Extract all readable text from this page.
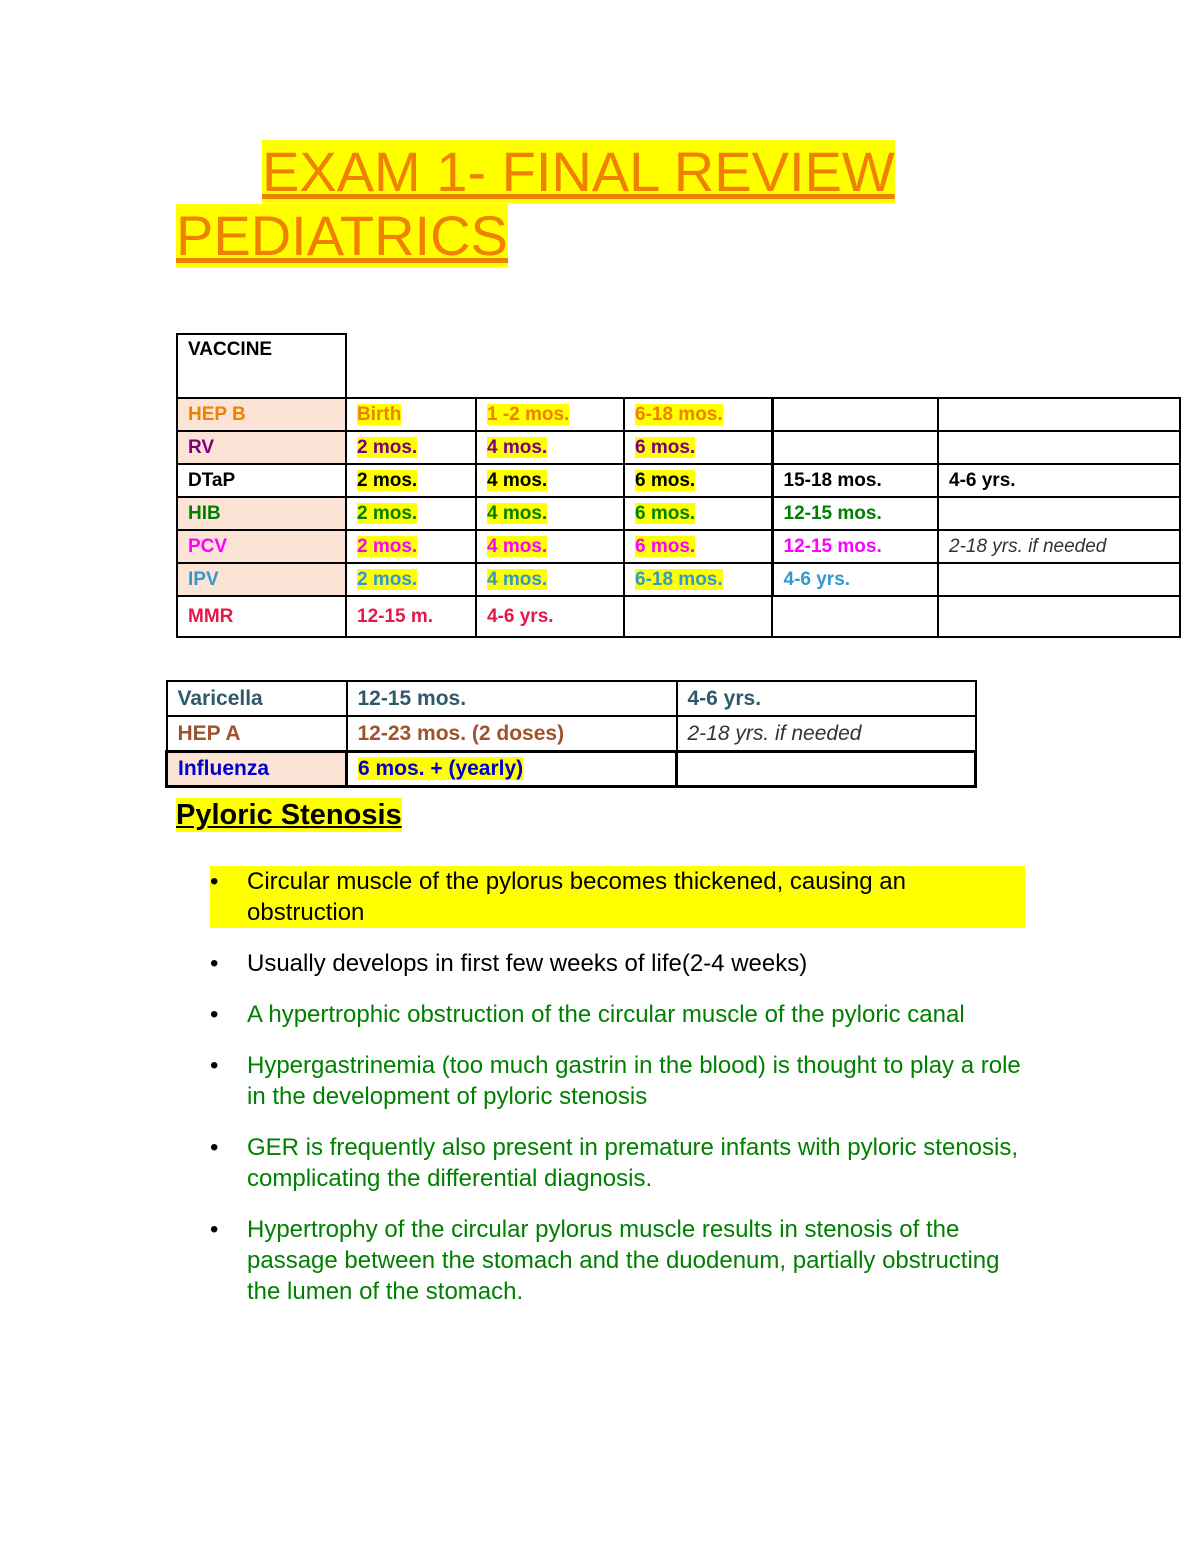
EXAM 1- FINAL REVIEW
PEDIATRICS
VACCINE					
HEP B	Birth	1 -2 mos.	6-18 mos.		
RV	2 mos.	4 mos.	6 mos.		
DTaP	2 mos.	4 mos.	6 mos.	15-18 mos.	4-6 yrs.
HIB	2 mos.	4 mos.	6 mos.	12-15 mos.	
PCV	2 mos.	4 mos.	6 mos.	12-15 mos.	2-18 yrs. if needed
IPV	2 mos.	4 mos.	6-18 mos.	4-6 yrs.	
MMR	12-15 m.	4-6 yrs.			
Varicella	12-15 mos.	4-6 yrs.
HEP A	12-23 mos. (2 doses)	2-18 yrs. if needed
Influenza	6 mos. + (yearly)	
Pyloric Stenosis
• Circular muscle of the pylorus becomes thickened, causing an obstruction
• Usually develops in first few weeks of life(2-4 weeks)
• A hypertrophic obstruction of the circular muscle of the pyloric canal
• Hypergastrinemia (too much gastrin in the blood) is thought to play a role in the development of pyloric stenosis
• GER is frequently also present in premature infants with pyloric stenosis, complicating the differential diagnosis.
• Hypertrophy of the circular pylorus muscle results in stenosis of the passage between the stomach and the duodenum, partially obstructing the lumen of the stomach.
